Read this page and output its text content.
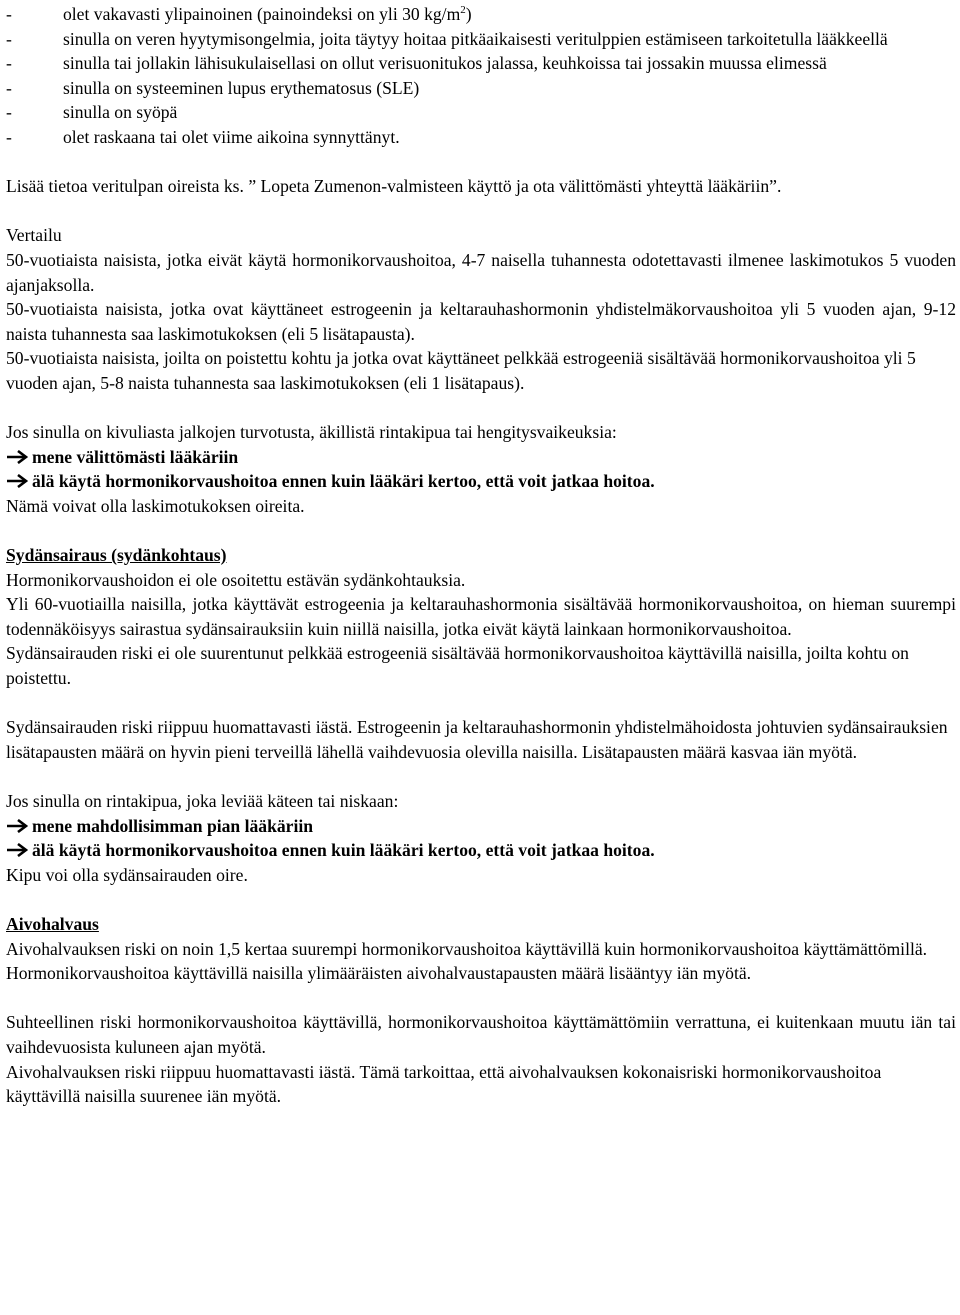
-	olet vakavasti ylipainoinen (painoindeksi on yli 30 $kg/m^2$)
-	sinulla on veren hyytymisongelmia, joita täytyy hoitaa pitkäaikaisesti veritulppien estämiseen tarkoitetulla lääkkeellä
-	sinulla tai jollakin lähisukulaisellasi on ollut verisuonitukos jalassa, keuhkoissa tai jossakin muussa elimessä
-	sinulla on systeeminen lupus erythematosus (SLE)
-	sinulla on syöpä
-	olet raskaana tai olet viime aikoina synnyttänyt.

Lisää tietoa veritulpan oireista ks. ” Lopeta Zumenon-valmisteen käyttö ja ota välittömästi yhteyttä lääkäriin”.

Vertailu

50-vuotiaista naisista, jotka eivät käytä hormonikorvaushoitoa, 4-7 naisella tuhannesta odotettavasti ilmenee laskimotukos 5 vuoden ajanjaksolla.

50-vuotiaista naisista, jotka ovat käyttäneet estrogeenin ja keltarauhashormonin yhdistelmäkorvaushoitoa yli 5 vuoden ajan, 9-12 naista tuhannesta saa laskimotukoksen (eli 5 lisätapausta).

50-vuotiaista naisista, joilta on poistettu kohtu ja jotka ovat käyttäneet pelkkää estrogeeniä sisältävää hormonikorvaushoitoa yli 5 vuoden ajan, 5-8 naista tuhannesta saa laskimotukoksen (eli 1 lisätapaus).

Jos sinulla on kivuliasta jalkojen turvotusta, äkillistä rintakipua tai hengitysvaikeuksia:

mene välittömästi lääkäriin

älä käytä hormonikorvaushoitoa ennen kuin lääkäri kertoo, että voit jatkaa hoitoa.

Nämä voivat olla laskimotukoksen oireita.

Sydänsairaus (sydänkohtaus)

Hormonikorvaushoidon ei ole osoitettu estävän sydänkohtauksia.

Yli 60-vuotiailla naisilla, jotka käyttävät estrogeenia ja keltarauhashormonia sisältävää hormonikorvaushoitoa, on hieman suurempi todennäköisyys sairastua sydänsairauksiin kuin niillä naisilla, jotka eivät käytä lainkaan hormonikorvaushoitoa.

Sydänsairauden riski ei ole suurentunut pelkkää estrogeeniä sisältävää hormonikorvaushoitoa käyttävillä naisilla, joilta kohtu on poistettu.

Sydänsairauden riski riippuu huomattavasti iästä. Estrogeenin ja keltarauhashormonin yhdistelmähoidosta johtuvien sydänsairauksien lisätapausten määrä on hyvin pieni terveillä lähellä vaihdevuosia olevilla naisilla. Lisätapausten määrä kasvaa iän myötä.

Jos sinulla on rintakipua, joka leviää käteen tai niskaan:

mene mahdollisimman pian lääkäriin

älä käytä hormonikorvaushoitoa ennen kuin lääkäri kertoo, että voit jatkaa hoitoa.

Kipu voi olla sydänsairauden oire.

Aivohalvaus

Aivohalvauksen riski on noin 1,5 kertaa suurempi hormonikorvaushoitoa käyttävillä kuin hormonikorvaushoitoa käyttämättömillä. Hormonikorvaushoitoa käyttävillä naisilla ylimääräisten aivohalvaustapausten määrä lisääntyy iän myötä.

Suhteellinen riski hormonikorvaushoitoa käyttävillä, hormonikorvaushoitoa käyttämättömiin verrattuna, ei kuitenkaan muutu iän tai vaihdevuosista kuluneen ajan myötä.

Aivohalvauksen riski riippuu huomattavasti iästä. Tämä tarkoittaa, että aivohalvauksen kokonaisriski hormonikorvaushoitoa käyttävillä naisilla suurenee iän myötä.
